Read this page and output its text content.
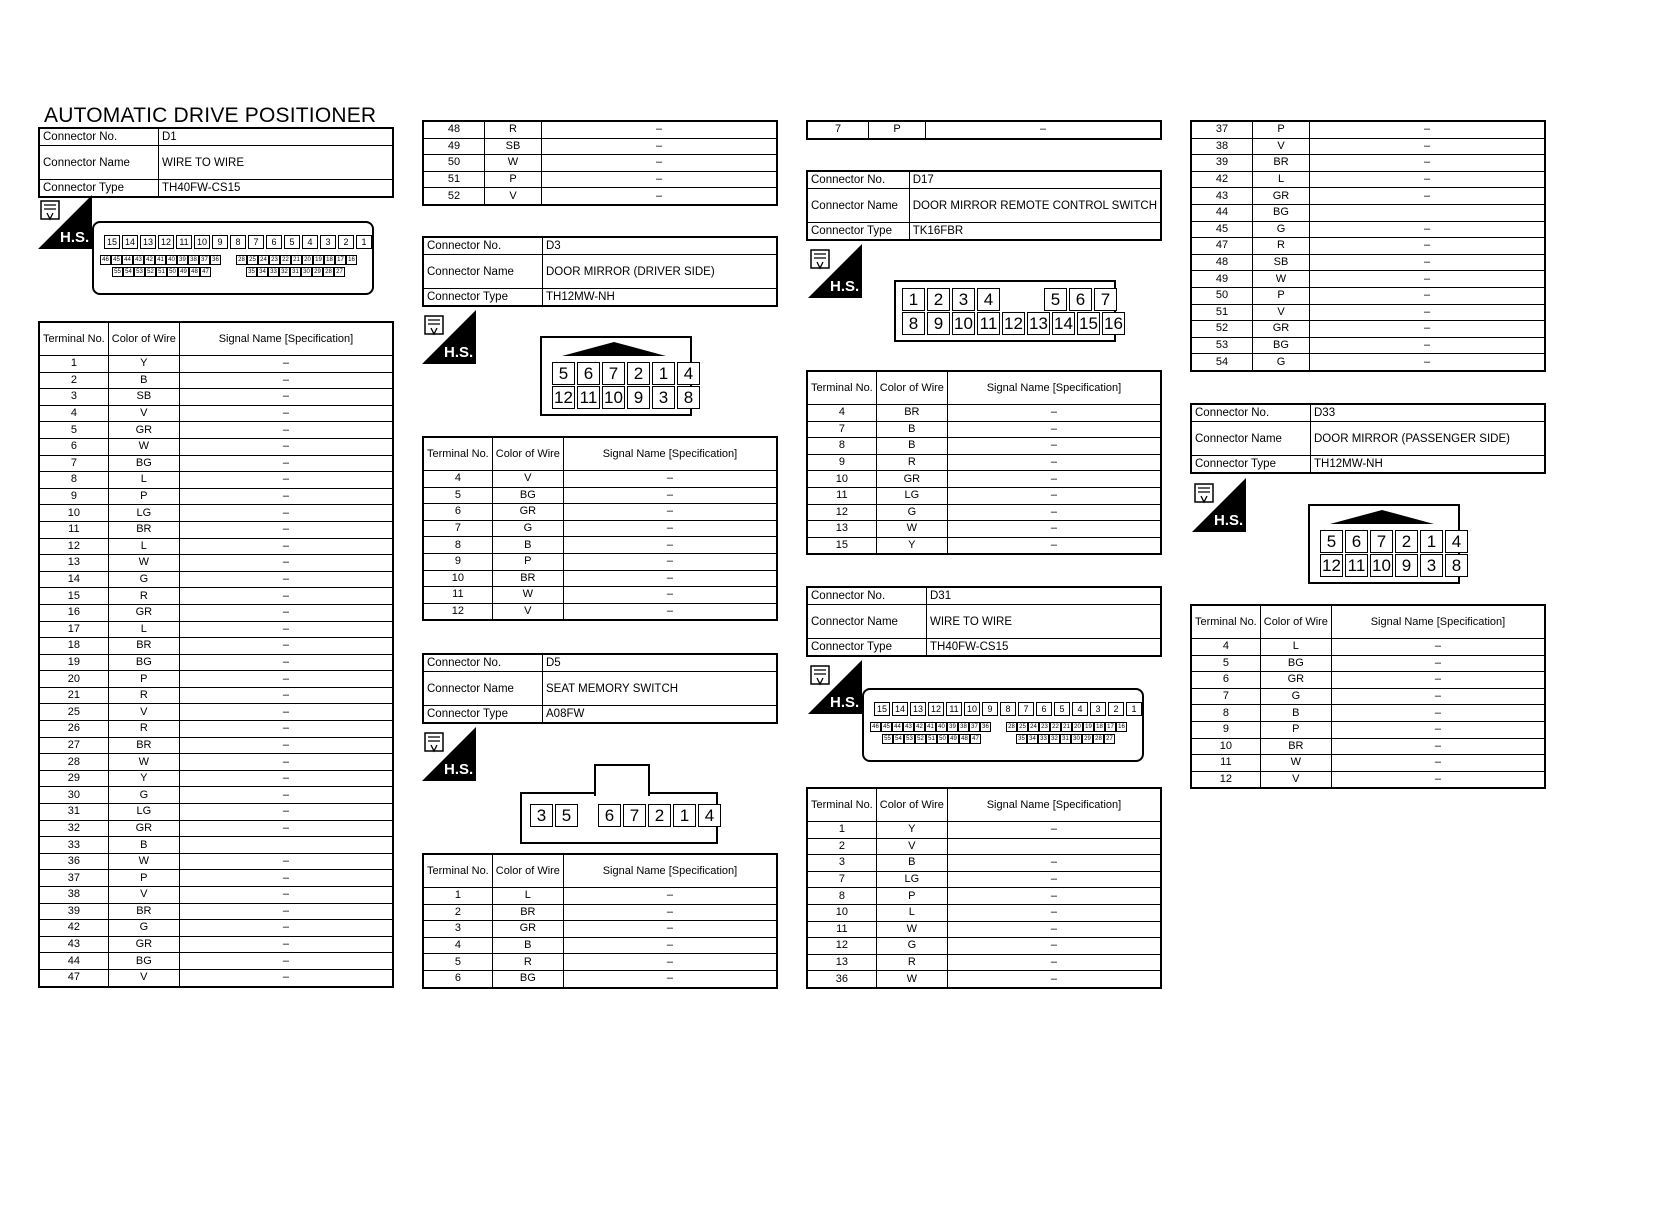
AUTOMATIC DRIVE POSITIONER
Connector No.	D1
Connector Name	WIRE TO WIRE
Connector Type	TH40FW-CS15
H.S.	15 14 13 12 11 10	9	8	7	6	5	4	3	2	1
46 45 44 43 42 41 40 39 38 37 36	28 25 24 23 22 21 20 19 18 17 16
55 54 53 52 51 50 49 48 47	35 34 33 32 31 30 29 28 27
Terminal No.	Color of Wire	Signal Name [Specification]
1	Y	–
2	B	–
3	SB	–
4	V	–
5	GR	–
6	W	–
7	BG	–
8	L	–
9	P	–
10	LG	–
11	BR	–
12	L	–
13	W	–
14	G	–
15	R	–
16	GR	–
17	L	–
18	BR	–
19	BG	–
20	P	–
21	R	–
25	V	–
26	R	–
27	BR	–
28	W	–
29	Y	–
30	G	–
31	LG	–
32	GR	–
33	B	
36	W	–
37	P	–
38	V	–
39	BR	–
42	G	–
43	GR	–
44	BG	–
47	V	–
48	R	–
49	SB	–
50	W	–
51	P	–
52	V	–
Connector No.	D3
Connector Name	DOOR MIRROR (DRIVER SIDE)
Connector Type	TH12MW-NH
H.S.
5 6 7 2 1 4
12 11 10 9 3 8
Terminal No.	Color of Wire	Signal Name [Specification]
4	V	–
5	BG	–
6	GR	–
7	G	–
8	B	–
9	P	–
10	BR	–
11	W	–
12	V	–
Connector No.	D5
Connector Name	SEAT MEMORY SWITCH
Connector Type	A08FW
H.S.
3 5	6 7 2 1 4
Terminal No.	Color of Wire	Signal Name [Specification]
1	L	–
2	BR	–
3	GR	–
4	B	–
5	R	–
6	BG	–
7	P	–
Connector No.	D17
Connector Name	DOOR MIRROR REMOTE CONTROL SWITCH
Connector Type	TK16FBR
H.S.
1 2 3 4	5 6 7
8 9 10 11 12 13 14 15 16
Terminal No.	Color of Wire	Signal Name [Specification]
4	BR	–
7	B	–
8	B	–
9	R	–
10	GR	–
11	LG	–
12	G	–
13	W	–
15	Y	–
Connector No.	D31
Connector Name	WIRE TO WIRE
Connector Type	TH40FW-CS15
H.S.	15 14 13 12 11 10	9	8	7	6	5	4	3	2	1
46 45 44 43 42 41 40 39 38 37 36	28 25 24 23 22 21 20 19 18 17 16
55 54 53 52 51 50 49 48 47	35 34 33 32 31 30 29 28 27
Terminal No.	Color of Wire	Signal Name [Specification]
1	Y	–
2	V	
3	B	–
7	LG	–
8	P	–
10	L	–
11	W	–
12	G	–
13	R	–
36	W	–
37	P	–
38	V	–
39	BR	–
42	L	–
43	GR	–
44	BG	
45	G	–
47	R	–
48	SB	–
49	W	–
50	P	–
51	V	–
52	GR	–
53	BG	–
54	G	–
Connector No.	D33
Connector Name	DOOR MIRROR (PASSENGER SIDE)
Connector Type	TH12MW-NH
H.S.
5 6 7 2 1 4
12 11 10 9 3 8
Terminal No.	Color of Wire	Signal Name [Specification]
4	L	–
5	BG	–
6	GR	–
7	G	–
8	B	–
9	P	–
10	BR	–
11	W	–
12	V	–
